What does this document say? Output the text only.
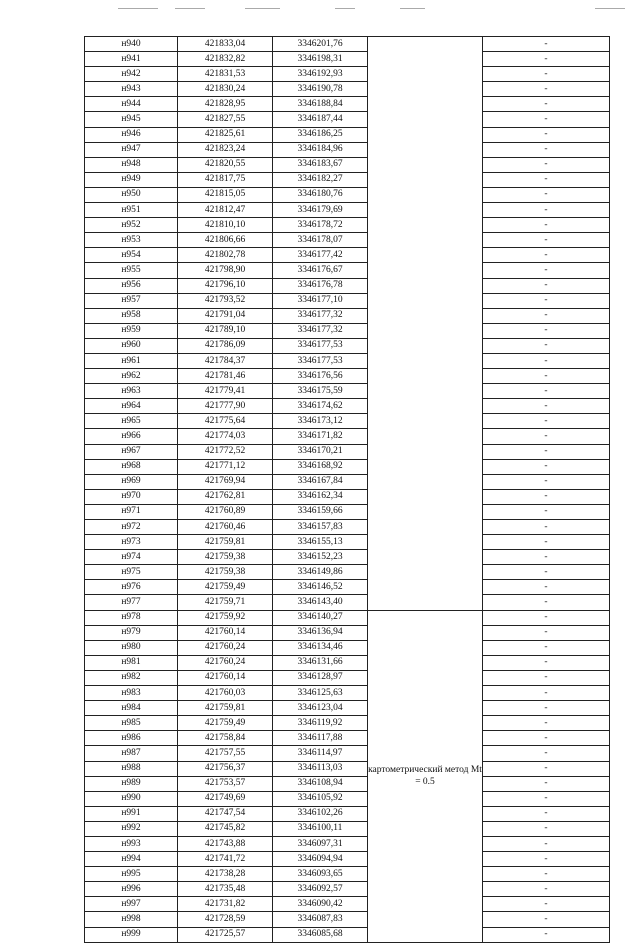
н940	421833,04	3346201,76		-
н941	421832,82	3346198,31		-
н942	421831,53	3346192,93		-
н943	421830,24	3346190,78		-
н944	421828,95	3346188,84		-
н945	421827,55	3346187,44		-
н946	421825,61	3346186,25		-
н947	421823,24	3346184,96		-
н948	421820,55	3346183,67		-
н949	421817,75	3346182,27		-
н950	421815,05	3346180,76		-
н951	421812,47	3346179,69		-
н952	421810,10	3346178,72		-
н953	421806,66	3346178,07		-
н954	421802,78	3346177,42		-
н955	421798,90	3346176,67		-
н956	421796,10	3346176,78		-
н957	421793,52	3346177,10		-
н958	421791,04	3346177,32		-
н959	421789,10	3346177,32		-
н960	421786,09	3346177,53		-
н961	421784,37	3346177,53		-
н962	421781,46	3346176,56		-
н963	421779,41	3346175,59		-
н964	421777,90	3346174,62		-
н965	421775,64	3346173,12		-
н966	421774,03	3346171,82		-
н967	421772,52	3346170,21		-
н968	421771,12	3346168,92		-
н969	421769,94	3346167,84		-
н970	421762,81	3346162,34		-
н971	421760,89	3346159,66		-
н972	421760,46	3346157,83		-
н973	421759,81	3346155,13		-
н974	421759,38	3346152,23		-
н975	421759,38	3346149,86		-
н976	421759,49	3346146,52		-
н977	421759,71	3346143,40		-
н978	421759,92	3346140,27	картометрический метод Mt = 0.5	-
н979	421760,14	3346136,94		-
н980	421760,24	3346134,46		-
н981	421760,24	3346131,66		-
н982	421760,14	3346128,97		-
н983	421760,03	3346125,63		-
н984	421759,81	3346123,04		-
н985	421759,49	3346119,92		-
н986	421758,84	3346117,88		-
н987	421757,55	3346114,97		-
н988	421756,37	3346113,03		-
н989	421753,57	3346108,94		-
н990	421749,69	3346105,92		-
н991	421747,54	3346102,26		-
н992	421745,82	3346100,11		-
н993	421743,88	3346097,31		-
н994	421741,72	3346094,94		-
н995	421738,28	3346093,65		-
н996	421735,48	3346092,57		-
н997	421731,82	3346090,42		-
н998	421728,59	3346087,83		-
н999	421725,57	3346085,68		-
